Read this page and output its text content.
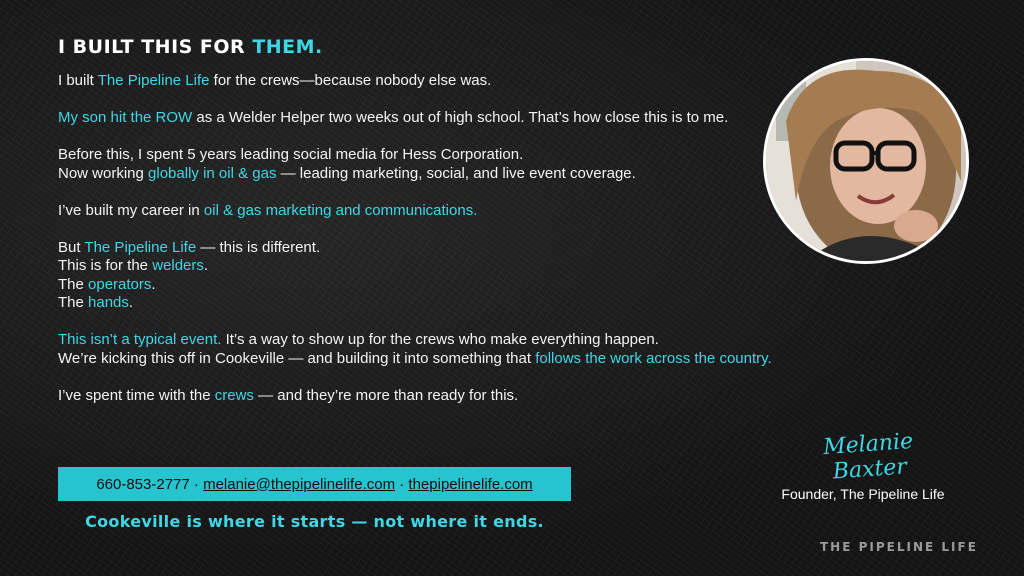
I BUILT THIS FOR THEM.

I built The Pipeline Life for the crews—because nobody else was.

My son hit the ROW as a Welder Helper two weeks out of high school. That’s how close this is to me.

Before this, I spent 5 years leading social media for Hess Corporation.
Now working globally in oil & gas — leading marketing, social, and live event coverage.

I’ve built my career in oil & gas marketing and communications.

But The Pipeline Life — this is different.
This is for the welders.
The operators.
The hands.

This isn’t a typical event. It’s a way to show up for the crews who make everything happen.
We’re kicking this off in Cookeville — and building it into something that follows the work across the country.

I’ve spent time with the crews — and they’re more than ready for this.

660-853-2777 · melanie@thepipelinelife.com · thepipelinelife.com
Cookeville is where it starts — not where it ends.
Melanie Baxter
Founder, The Pipeline Life
THE PIPELINE LIFE
